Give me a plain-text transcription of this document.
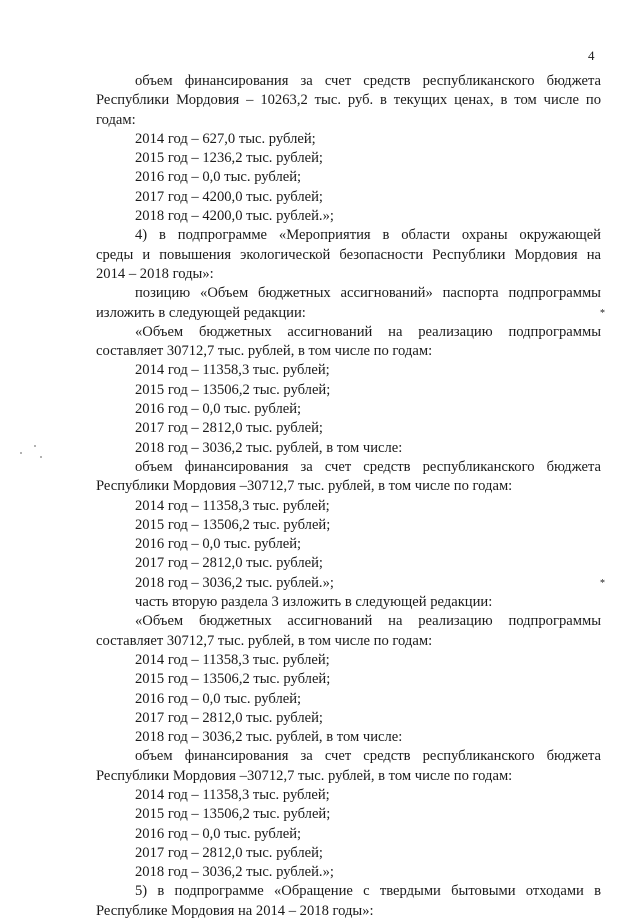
4
объем финансирования за счет средств республиканского бюджета
Республики Мордовия – 10263,2 тыс. руб. в текущих ценах, в том числе по
годам:
2014 год – 627,0 тыс. рублей;
2015 год – 1236,2 тыс. рублей;
2016 год – 0,0 тыс. рублей;
2017 год – 4200,0 тыс. рублей;
2018 год – 4200,0 тыс. рублей.»;
4) в подпрограмме «Мероприятия в области охраны окружающей
среды и повышения экологической безопасности Республики Мордовия на
2014 – 2018 годы»:
позицию «Объем бюджетных ассигнований» паспорта подпрограммы
изложить в следующей редакции:
«Объем бюджетных ассигнований на реализацию подпрограммы
составляет 30712,7 тыс. рублей, в том числе по годам:
2014 год – 11358,3 тыс. рублей;
2015 год – 13506,2 тыс. рублей;
2016 год – 0,0 тыс. рублей;
2017 год – 2812,0 тыс. рублей;
2018 год – 3036,2 тыс. рублей, в том числе:
объем финансирования за счет средств республиканского бюджета
Республики Мордовия –30712,7 тыс. рублей, в том числе по годам:
2014 год – 11358,3 тыс. рублей;
2015 год – 13506,2 тыс. рублей;
2016 год – 0,0 тыс. рублей;
2017 год – 2812,0 тыс. рублей;
2018 год – 3036,2 тыс. рублей.»;
часть вторую раздела 3 изложить в следующей редакции:
«Объем бюджетных ассигнований на реализацию подпрограммы
составляет 30712,7 тыс. рублей, в том числе по годам:
2014 год – 11358,3 тыс. рублей;
2015 год – 13506,2 тыс. рублей;
2016 год – 0,0 тыс. рублей;
2017 год – 2812,0 тыс. рублей;
2018 год – 3036,2 тыс. рублей, в том числе:
объем финансирования за счет средств республиканского бюджета
Республики Мордовия –30712,7 тыс. рублей, в том числе по годам:
2014 год – 11358,3 тыс. рублей;
2015 год – 13506,2 тыс. рублей;
2016 год – 0,0 тыс. рублей;
2017 год – 2812,0 тыс. рублей;
2018 год – 3036,2 тыс. рублей.»;
5) в подпрограмме «Обращение с твердыми бытовыми отходами в
Республике Мордовия на 2014 – 2018 годы»:
*
*
